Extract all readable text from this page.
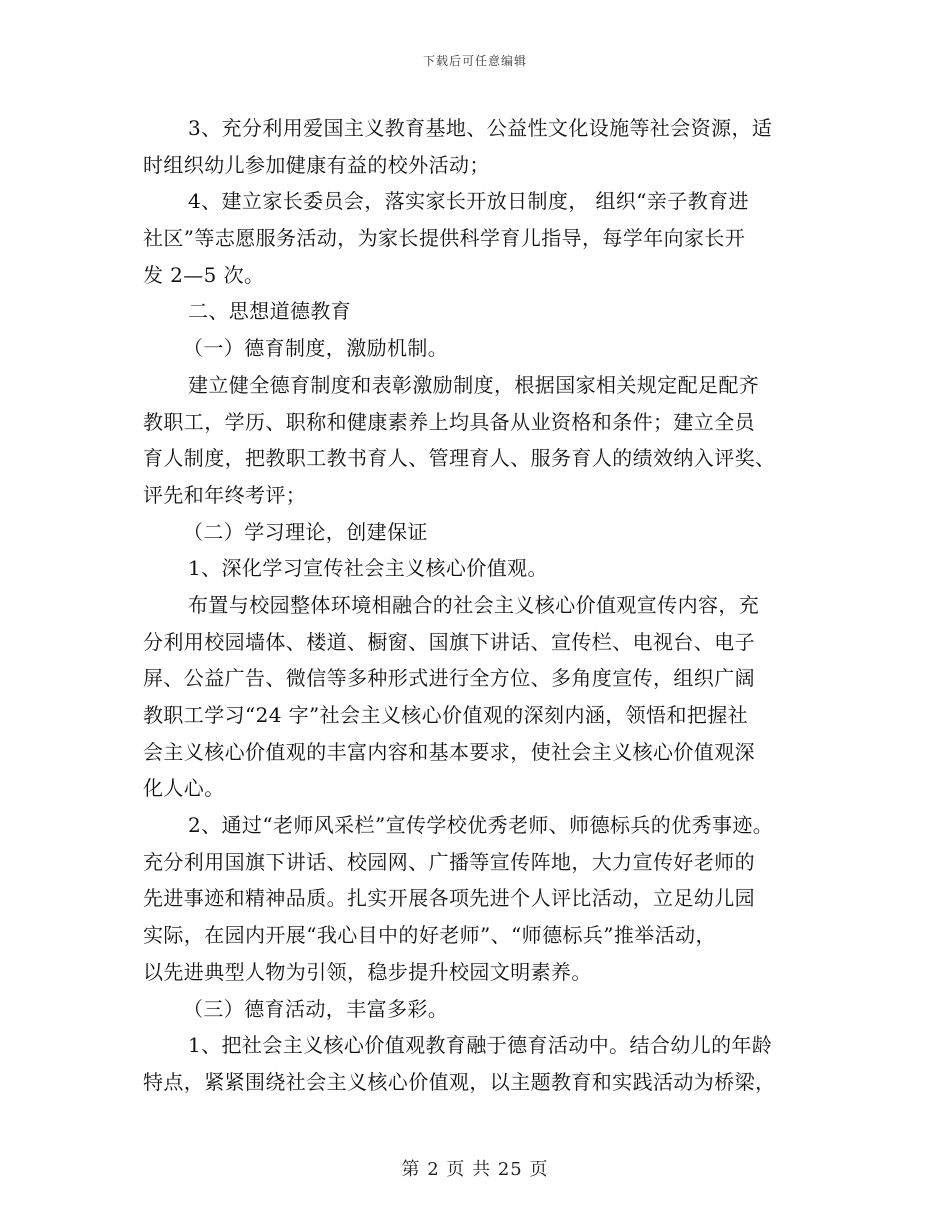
下载后可任意编辑
3、充分利用爱国主义教育基地、公益性文化设施等社会资源，适
时组织幼儿参加健康有益的校外活动；
4、建立家长委员会，落实家长开放日制度， 组织“亲子教育进
社区”等志愿服务活动，为家长提供科学育儿指导，每学年向家长开
发 2—5 次。
二、思想道德教育
（一）德育制度，激励机制。
建立健全德育制度和表彰激励制度，根据国家相关规定配足配齐
教职工，学历、职称和健康素养上均具备从业资格和条件；建立全员
育人制度，把教职工教书育人、管理育人、服务育人的绩效纳入评奖、
评先和年终考评；
（二）学习理论，创建保证
1、深化学习宣传社会主义核心价值观。
布置与校园整体环境相融合的社会主义核心价值观宣传内容，充
分利用校园墙体、楼道、橱窗、国旗下讲话、宣传栏、电视台、电子
屏、公益广告、微信等多种形式进行全方位、多角度宣传，组织广阔
教职工学习“24 字”社会主义核心价值观的深刻内涵，领悟和把握社
会主义核心价值观的丰富内容和基本要求，使社会主义核心价值观深
化人心。
2、通过“老师风采栏”宣传学校优秀老师、师德标兵的优秀事迹。
充分利用国旗下讲话、校园网、广播等宣传阵地，大力宣传好老师的
先进事迹和精神品质。扎实开展各项先进个人评比活动，立足幼儿园
实际，在园内开展“我心目中的好老师”、“师德标兵”推举活动，
以先进典型人物为引领，稳步提升校园文明素养。
（三）德育活动，丰富多彩。
1、把社会主义核心价值观教育融于德育活动中。结合幼儿的年龄
特点，紧紧围绕社会主义核心价值观，以主题教育和实践活动为桥梁，
第 2 页 共 25 页
